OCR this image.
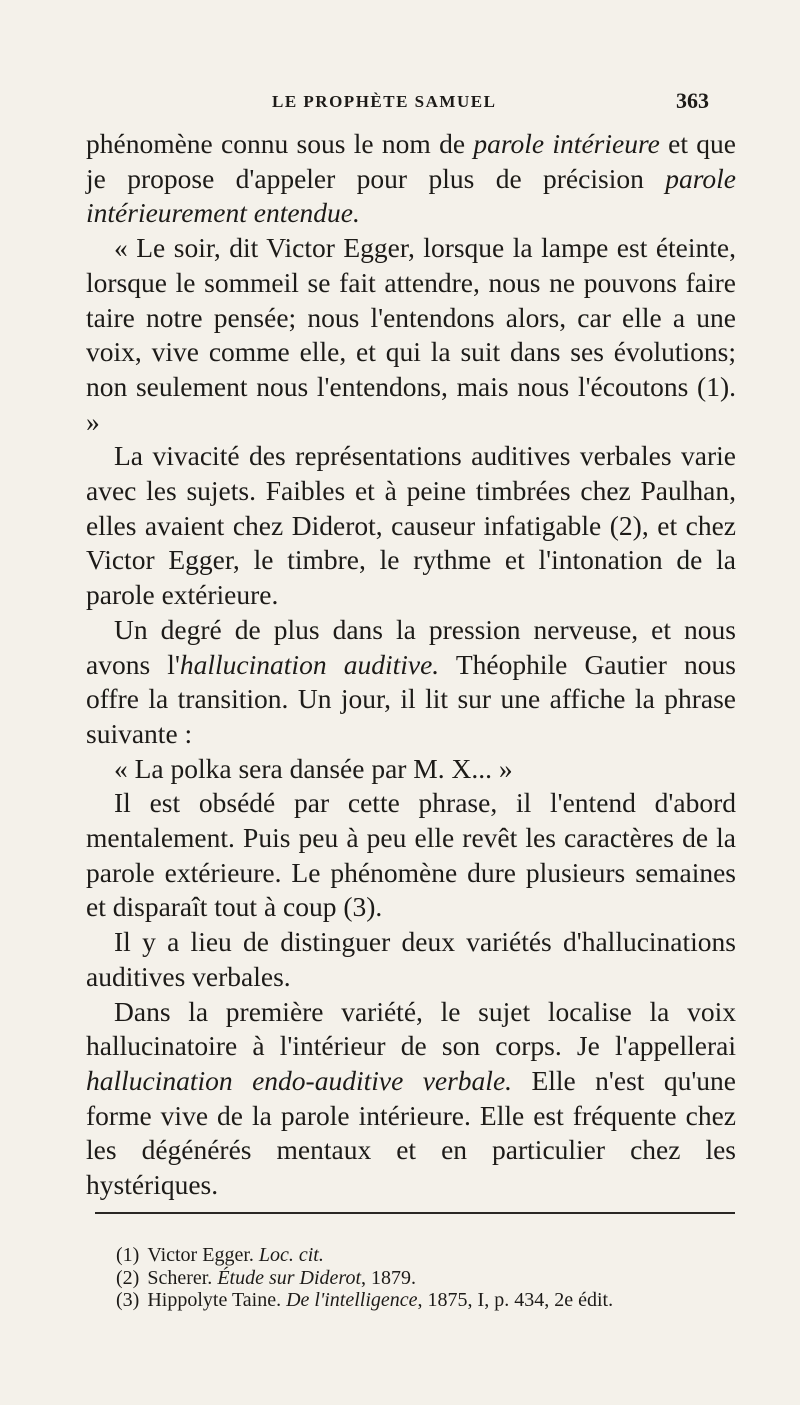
LE PROPHÈTE SAMUEL	363

phénomène connu sous le nom de parole intérieure et que je propose d'appeler pour plus de précision parole intérieurement entendue.

« Le soir, dit Victor Egger, lorsque la lampe est éteinte, lorsque le sommeil se fait attendre, nous ne pouvons faire taire notre pensée; nous l'entendons alors, car elle a une voix, vive comme elle, et qui la suit dans ses évolutions; non seulement nous l'entendons, mais nous l'écoutons (1). »

La vivacité des représentations auditives verbales varie avec les sujets. Faibles et à peine timbrées chez Paulhan, elles avaient chez Diderot, causeur infatigable (2), et chez Victor Egger, le timbre, le rythme et l'intonation de la parole extérieure.

Un degré de plus dans la pression nerveuse, et nous avons l'hallucination auditive. Théophile Gautier nous offre la transition. Un jour, il lit sur une affiche la phrase suivante :

« La polka sera dansée par M. X... »

Il est obsédé par cette phrase, il l'entend d'abord mentalement. Puis peu à peu elle revêt les caractères de la parole extérieure. Le phénomène dure plusieurs semaines et disparaît tout à coup (3).

Il y a lieu de distinguer deux variétés d'hallucinations auditives verbales.

Dans la première variété, le sujet localise la voix hallucinatoire à l'intérieur de son corps. Je l'appellerai hallucination endo-auditive verbale. Elle n'est qu'une forme vive de la parole intérieure. Elle est fréquente chez les dégénérés mentaux et en particulier chez les hystériques.

(1) Victor Egger. Loc. cit.
(2) Scherer. Étude sur Diderot, 1879.
(3) Hippolyte Taine. De l'intelligence, 1875, I, p. 434, 2e édit.
